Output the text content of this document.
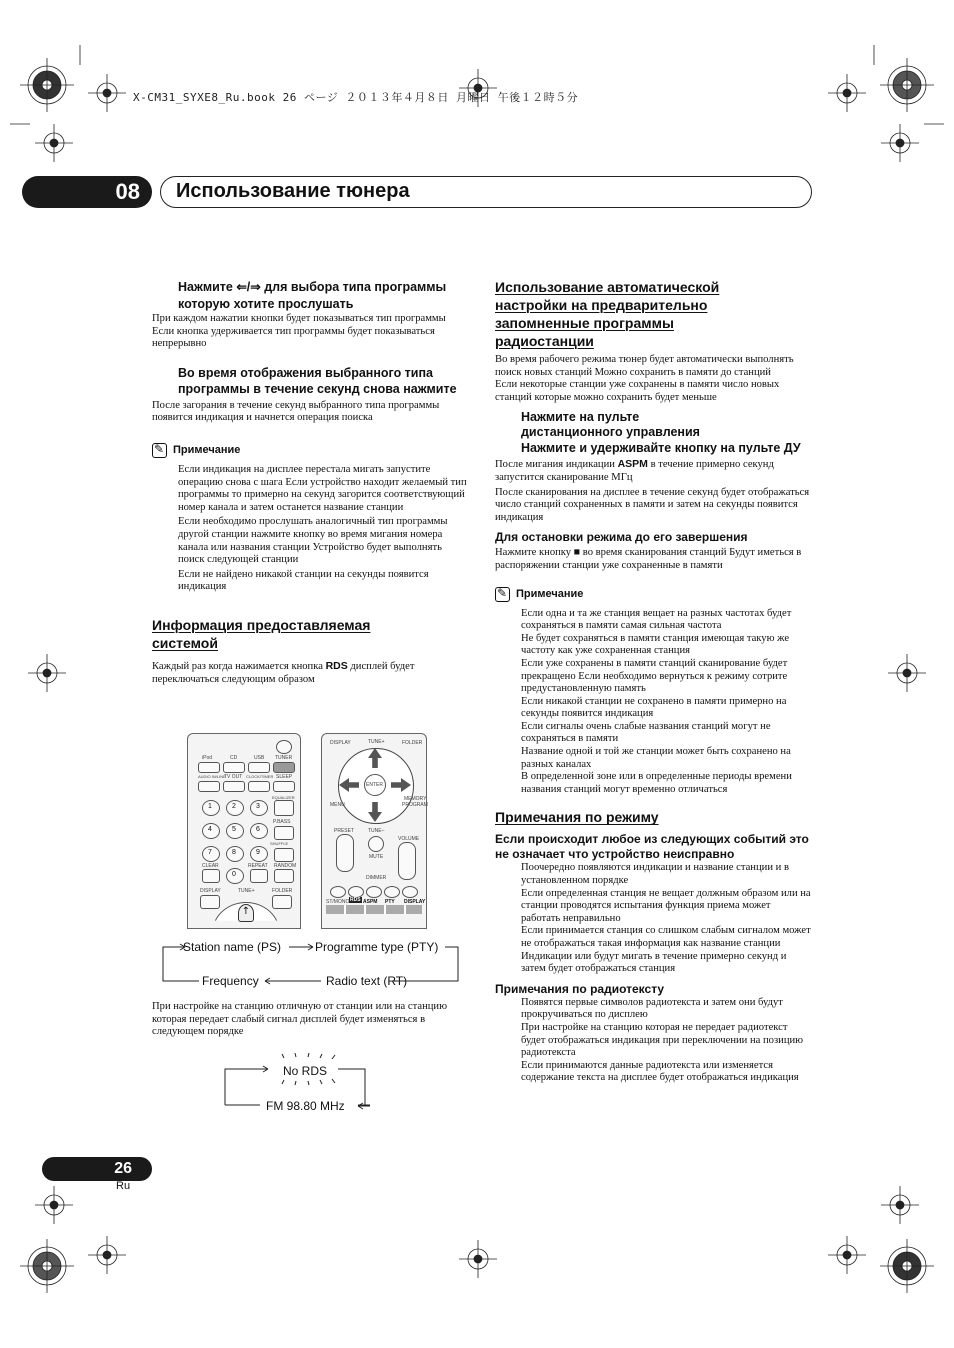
X-CM31_SYXE8_Ru.book 26 ページ ２０１３年４月８日 月曜日 午後１２時５分
08	Использование тюнера
Нажмите ⇐/⇒ для выбора типа программы которую хотите прослушать
При каждом нажатии кнопки будет показываться тип программы Если кнопка удерживается тип программы будет показываться непрерывно
Во время отображения выбранного типа программы в течение секунд снова нажмите
После загорания в течение секунд выбранного типа программы появится индикация и начнется операция поиска
✎
Примечание
Если индикация на дисплее перестала мигать запустите операцию снова с шага Если устройство находит желаемый тип программы то примерно на секунд загорится соответствующий номер канала и затем останется название станции
Если необходимо прослушать аналогичный тип программы другой станции нажмите кнопку во время мигания номера канала или названия станции Устройство будет выполнять поиск следующей станции
Если не найдено никакой станции на секунды появится индикация
Информация предоставляемая системой
Каждый раз когда нажимается кнопка RDS дисплей будет переключаться следующим образом
iPod	CD	USB TUNER
AUDIO IN/LINE
TV OUT CLOCK/TIMER SLEEP
EQUALIZER
1	2	3
P.BASS
4	5	6
SHUFFLE
7	8	9
CLEAR	REPEAT RANDOM
0
DISPLAY	TUNE+	FOLDER
↑
DISPLAY	TUNE+	FOLDER
ENTER
MENU
MEMORY
PROGRAM
PRESET	TUNE–
VOLUME
MUTE
DIMMER
ST/MONO RDS ASPM PTY DISPLAY
Station name (PS)	Programme type (PTY)
Frequency	Radio text (RT)
При настройке на станцию отличную от станции или на станцию которая передает слабый сигнал дисплей будет изменяться в следующем порядке
No RDS
FM 98.80 MHz
Использование автоматической настройки на предварительно запомненные программы радиостанции
Во время рабочего режима тюнер будет автоматически выполнять поиск новых станций Можно сохранить в памяти до станций
Если некоторые станции уже сохранены в памяти число новых станций которые можно сохранить будет меньше
Нажмите на пульте дистанционного управления
Нажмите и удерживайте кнопку на пульте ДУ
После мигания индикации ASPM в течение примерно секунд запустится сканирование МГц
После сканирования на дисплее в течение секунд будет отображаться число станций сохраненных в памяти и затем на секунды появится индикация
Для остановки режима до его завершения
Нажмите кнопку ■ во время сканирования станций Будут иметься в распоряжении станции уже сохраненные в памяти
✎
Примечание
Если одна и та же станция вещает на разных частотах будет сохраняться в памяти самая сильная частота
Не будет сохраняться в памяти станция имеющая такую же частоту как уже сохраненная станция
Если уже сохранены в памяти станций сканирование будет прекращено Если необходимо вернуться к режиму сотрите предустановленную память
Если никакой станции не сохранено в памяти примерно на секунды появится индикация
Если сигналы очень слабые названия станций могут не сохраняться в памяти
Название одной и той же станции может быть сохранено на разных каналах
В определенной зоне или в определенные периоды времени названия станций могут временно отличаться
Примечания по режиму
Если происходит любое из следующих событий это не означает что устройство неисправно
Поочередно появляются индикации и название станции и в установленном порядке
Если определенная станция не вещает должным образом или на станции проводятся испытания функция приема может работать неправильно
Если принимается станция со слишком слабым сигналом может не отображаться такая информация как название станции
Индикации или будут мигать в течение примерно секунд и затем будет отображаться станция
Примечания по радиотексту
Появятся первые символов радиотекста и затем они будут прокручиваться по дисплею
При настройке на станцию которая не передает радиотекст будет отображаться индикация при переключении на позицию радиотекста
Если принимаются данные радиотекста или изменяется содержание текста на дисплее будет отображаться индикация
26
Ru
